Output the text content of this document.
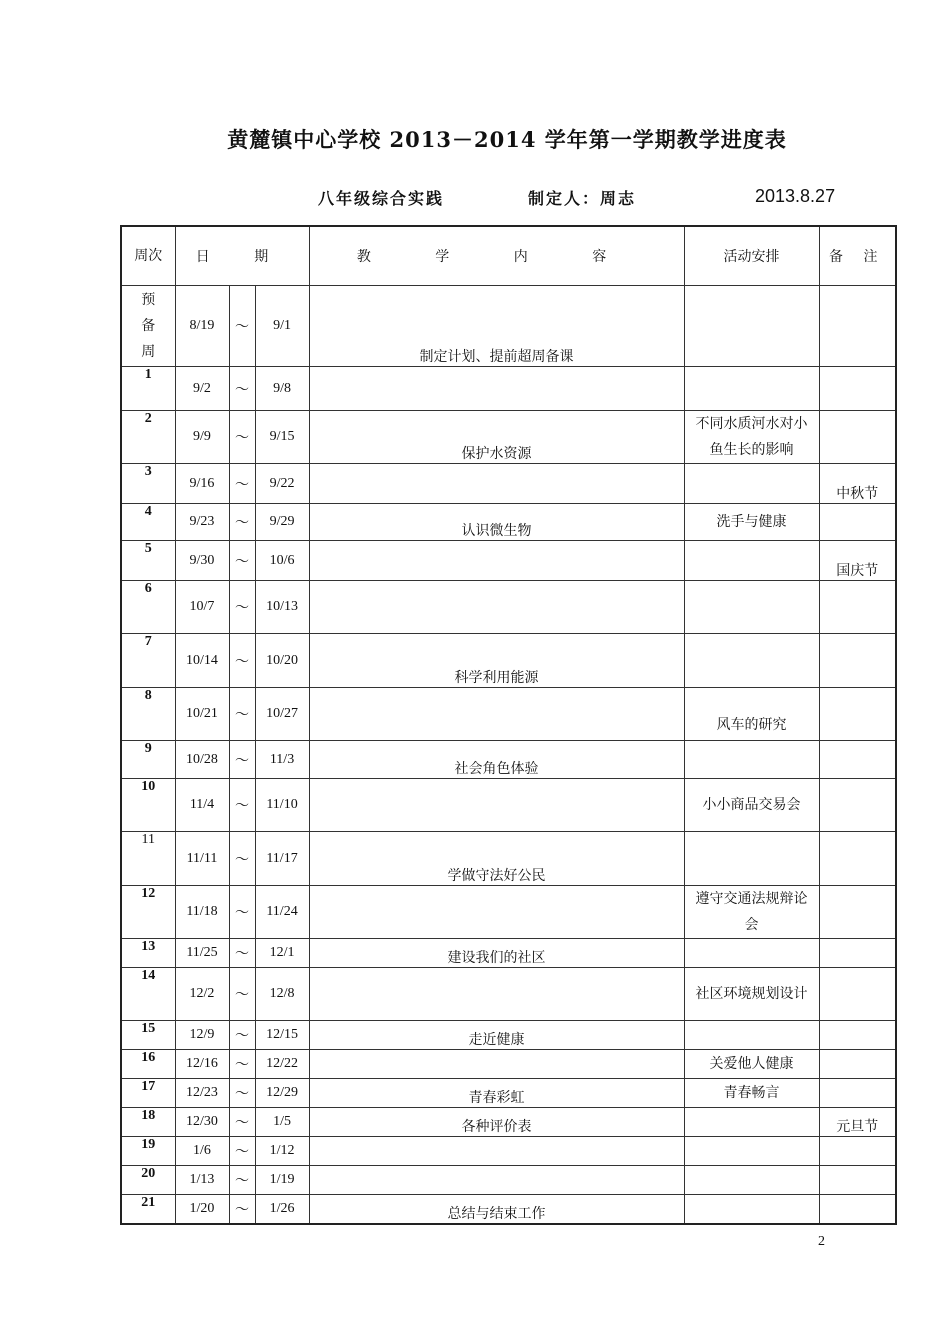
黄麓镇中心学校 2013－2014 学年第一学期教学进度表
八年级综合实践	制定人：周志	2013.8.27
周次	日 期			教 学 内 容	活动安排	备 注
预备周	8/19	～	9/1	制定计划、提前超周备课		
1	9/2	～	9/8			
2	9/9	～	9/15	保护水资源	不同水质河水对小鱼生长的影响	
3	9/16	～	9/22			中秋节
4	9/23	～	9/29	认识微生物	洗手与健康	
5	9/30	～	10/6			国庆节
6	10/7	～	10/13			
7	10/14	～	10/20	科学利用能源		
8	10/21	～	10/27		风车的研究	
9	10/28	～	11/3	社会角色体验		
10	11/4	～	11/10		小小商品交易会	
11	11/11	～	11/17	学做守法好公民		
12	11/18	～	11/24		遵守交通法规辩论会	
13	11/25	～	12/1	建设我们的社区		
14	12/2	～	12/8		社区环境规划设计	
15	12/9	～	12/15	走近健康		
16	12/16	～	12/22		关爱他人健康	
17	12/23	～	12/29	青春彩虹	青春畅言	
18	12/30	～	1/5	各种评价表		元旦节
19	1/6	～	1/12			
20	1/13	～	1/19			
21	1/20	～	1/26	总结与结束工作		
2
